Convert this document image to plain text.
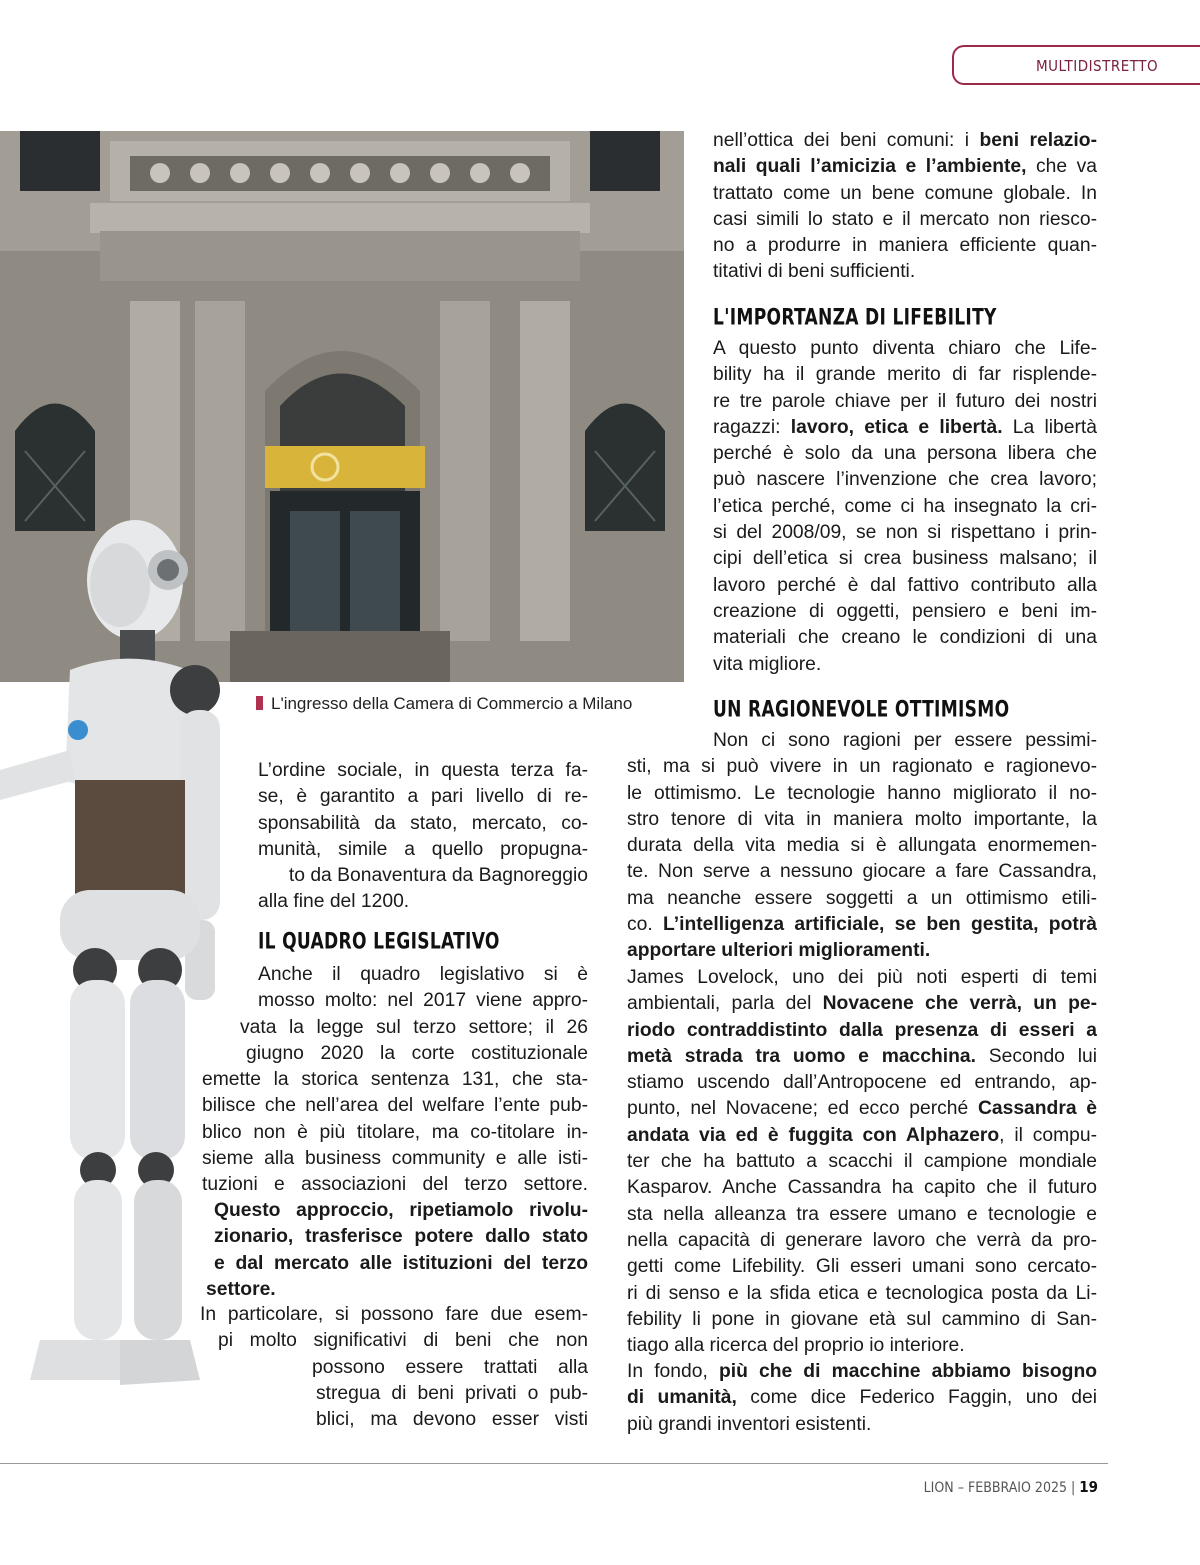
MULTIDISTRETTO
L'ingresso della Camera di Commercio a Milano
L’ordine sociale, in questa terza fa-
se, è garantito a pari livello di re-
sponsabilità da stato, mercato, co-
munità, simile a quello propugna-
to da Bonaventura da Bagnoreggio
alla fine del 1200.
IL QUADRO LEGISLATIVO
Anche il quadro legislativo si è
mosso molto: nel 2017 viene appro-
vata la legge sul terzo settore; il 26
giugno 2020 la corte costituzionale
emette la storica sentenza 131, che sta-
bilisce che nell’area del welfare l’ente pub-
blico non è più titolare, ma co-titolare in-
sieme alla business community e alle isti-
tuzioni e associazioni del terzo settore.
Questo approccio, ripetiamolo rivolu-
zionario, trasferisce potere dallo stato
e dal mercato alle istituzioni del terzo
settore.
In particolare, si possono fare due esem-
pi molto significativi di beni che non
possono essere trattati alla
stregua di beni privati o pub-
blici, ma devono esser visti
nell’ottica dei beni comuni: i beni relazio-
nali quali l’amicizia e l’ambiente, che va
trattato come un bene comune globale. In
casi simili lo stato e il mercato non riesco-
no a produrre in maniera efficiente quan-
titativi di beni sufficienti.
L'IMPORTANZA DI LIFEBILITY
A questo punto diventa chiaro che Life-
bility ha il grande merito di far risplende-
re tre parole chiave per il futuro dei nostri
ragazzi: lavoro, etica e libertà. La libertà
perché è solo da una persona libera che
può nascere l’invenzione che crea lavoro;
l’etica perché, come ci ha insegnato la cri-
si del 2008/09, se non si rispettano i prin-
cipi dell’etica si crea business malsano; il
lavoro perché è dal fattivo contributo alla
creazione di oggetti, pensiero e beni im-
materiali che creano le condizioni di una
vita migliore.
UN RAGIONEVOLE OTTIMISMO
Non ci sono ragioni per essere pessimi-
sti, ma si può vivere in un ragionato e ragionevo-
le ottimismo. Le tecnologie hanno migliorato il no-
stro tenore di vita in maniera molto importante, la
durata della vita media si è allungata enormemen-
te. Non serve a nessuno giocare a fare Cassandra,
ma neanche essere soggetti a un ottimismo etili-
co. L’intelligenza artificiale, se ben gestita, potrà
apportare ulteriori miglioramenti.
James Lovelock, uno dei più noti esperti di temi
ambientali, parla del Novacene che verrà, un pe-
riodo contraddistinto dalla presenza di esseri a
metà strada tra uomo e macchina. Secondo lui
stiamo uscendo dall’Antropocene ed entrando, ap-
punto, nel Novacene; ed ecco perché Cassandra è
andata via ed è fuggita con Alphazero, il compu-
ter che ha battuto a scacchi il campione mondiale
Kasparov. Anche Cassandra ha capito che il futuro
sta nella alleanza tra essere umano e tecnologie e
nella capacità di generare lavoro che verrà da pro-
getti come Lifebility. Gli esseri umani sono cercato-
ri di senso e la sfida etica e tecnologica posta da Li-
febility li pone in giovane età sul cammino di San-
tiago alla ricerca del proprio io interiore.
In fondo, più che di macchine abbiamo bisogno
di umanità, come dice Federico Faggin, uno dei
più grandi inventori esistenti.
LION – FEBBRAIO 2025 | 19
